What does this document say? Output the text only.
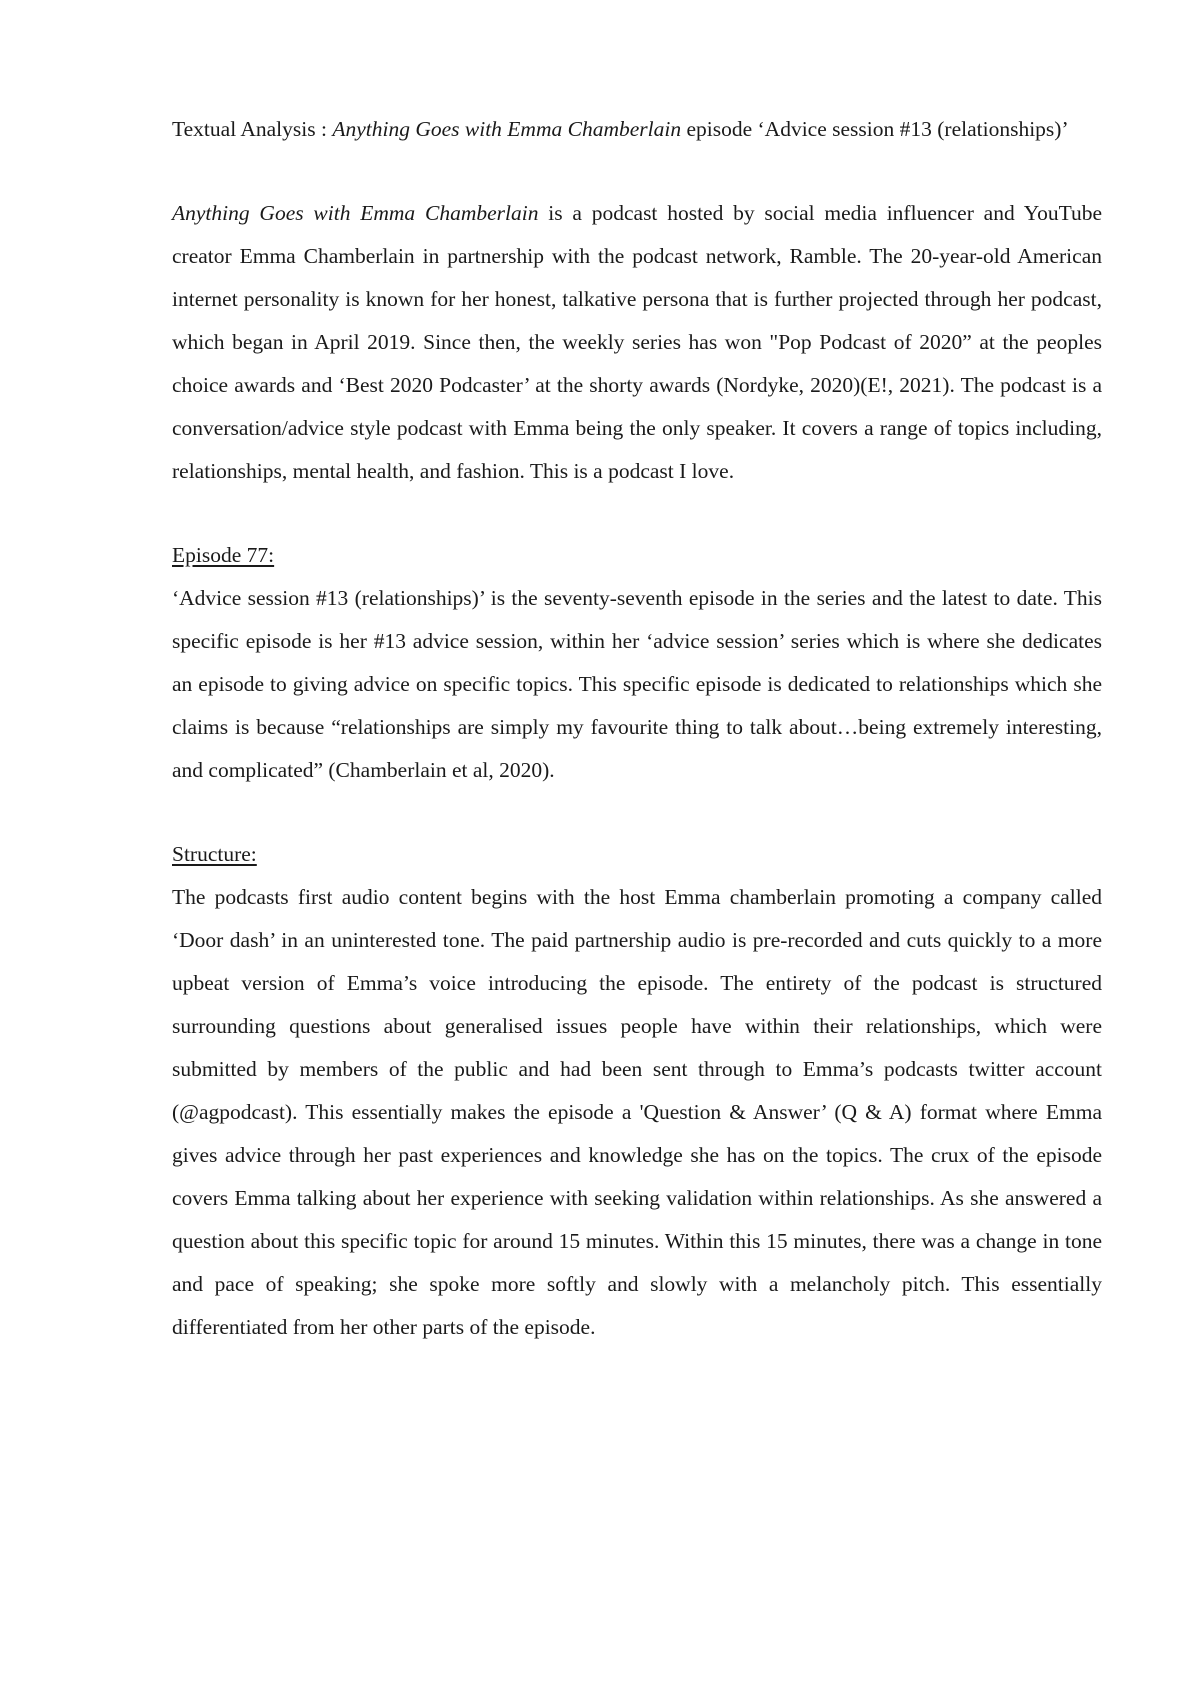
Textual Analysis : Anything Goes with Emma Chamberlain episode ‘Advice session #13 (relationships)’

Anything Goes with Emma Chamberlain is a podcast hosted by social media influencer and YouTube creator Emma Chamberlain in partnership with the podcast network, Ramble. The 20-year-old American internet personality is known for her honest, talkative persona that is further projected through her podcast, which began in April 2019. Since then, the weekly series has won "Pop Podcast of 2020” at the peoples choice awards and ‘Best 2020 Podcaster’ at the shorty awards (Nordyke, 2020)(E!, 2021). The podcast is a conversation/advice style podcast with Emma being the only speaker. It covers a range of topics including, relationships, mental health, and fashion. This is a podcast I love.

Episode 77:

‘Advice session #13 (relationships)’ is the seventy-seventh episode in the series and the latest to date. This specific episode is her #13 advice session, within her ‘advice session’ series which is where she dedicates an episode to giving advice on specific topics. This specific episode is dedicated to relationships which she claims is because “relationships are simply my favourite thing to talk about…being extremely interesting, and complicated” (Chamberlain et al, 2020).

Structure:

The podcasts first audio content begins with the host Emma chamberlain promoting a company called ‘Door dash’ in an uninterested tone. The paid partnership audio is pre-recorded and cuts quickly to a more upbeat version of Emma’s voice introducing the episode. The entirety of the podcast is structured surrounding questions about generalised issues people have within their relationships, which were submitted by members of the public and had been sent through to Emma’s podcasts twitter account (@agpodcast). This essentially makes the episode a 'Question & Answer’ (Q & A) format where Emma gives advice through her past experiences and knowledge she has on the topics. The crux of the episode covers Emma talking about her experience with seeking validation within relationships. As she answered a question about this specific topic for around 15 minutes. Within this 15 minutes, there was a change in tone and pace of speaking; she spoke more softly and slowly with a melancholy pitch. This essentially differentiated from her other parts of the episode.
